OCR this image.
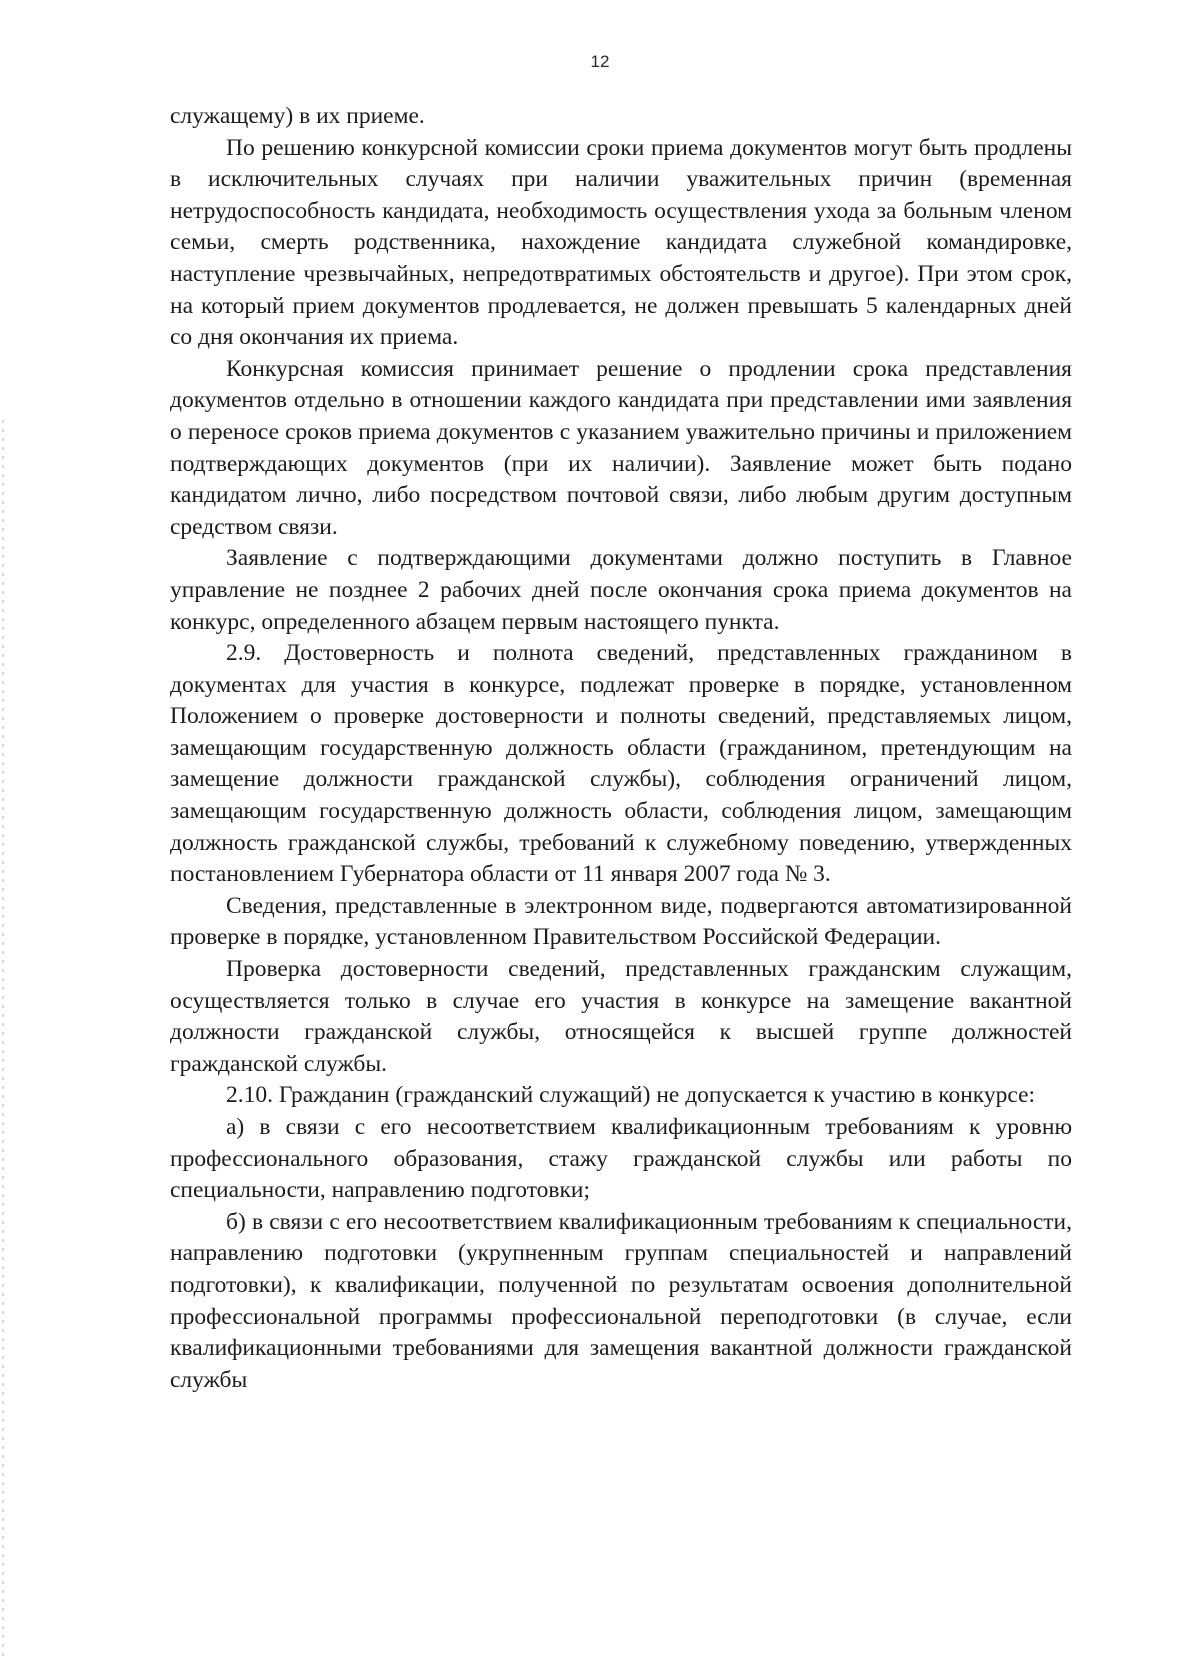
12

служащему) в их приеме.

По решению конкурсной комиссии сроки приема документов могут быть продлены в исключительных случаях при наличии уважительных причин (временная нетрудоспособность кандидата, необходимость осуществления ухода за больным членом семьи, смерть родственника, нахождение кандидата служебной командировке, наступление чрезвычайных, непредотвратимых обстоятельств и другое). При этом срок, на который прием документов продлевается, не должен превышать 5 календарных дней со дня окончания их приема.

Конкурсная комиссия принимает решение о продлении срока представления документов отдельно в отношении каждого кандидата при представлении ими заявления о переносе сроков приема документов с указанием уважительно причины и приложением подтверждающих документов (при их наличии). Заявление может быть подано кандидатом лично, либо посредством почтовой связи, либо любым другим доступным средством связи.

Заявление с подтверждающими документами должно поступить в Главное управление не позднее 2 рабочих дней после окончания срока приема документов на конкурс, определенного абзацем первым настоящего пункта.

2.9. Достоверность и полнота сведений, представленных гражданином в документах для участия в конкурсе, подлежат проверке в порядке, установленном Положением о проверке достоверности и полноты сведений, представляемых лицом, замещающим государственную должность области (гражданином, претендующим на замещение должности гражданской службы), соблюдения ограничений лицом, замещающим государственную должность области, соблюдения лицом, замещающим должность гражданской службы, требований к служебному поведению, утвержденных постановлением Губернатора области от 11 января 2007 года № 3.

Сведения, представленные в электронном виде, подвергаются автоматизированной проверке в порядке, установленном Правительством Российской Федерации.

Проверка достоверности сведений, представленных гражданским служащим, осуществляется только в случае его участия в конкурсе на замещение вакантной должности гражданской службы, относящейся к высшей группе должностей гражданской службы.

2.10. Гражданин (гражданский служащий) не допускается к участию в конкурсе:

а) в связи с его несоответствием квалификационным требованиям к уровню профессионального образования, стажу гражданской службы или работы по специальности, направлению подготовки;

б) в связи с его несоответствием квалификационным требованиям к специальности, направлению подготовки (укрупненным группам специальностей и направлений подготовки), к квалификации, полученной по результатам освоения дополнительной профессиональной программы профессиональной переподготовки (в случае, если квалификационными требованиями для замещения вакантной должности гражданской службы
